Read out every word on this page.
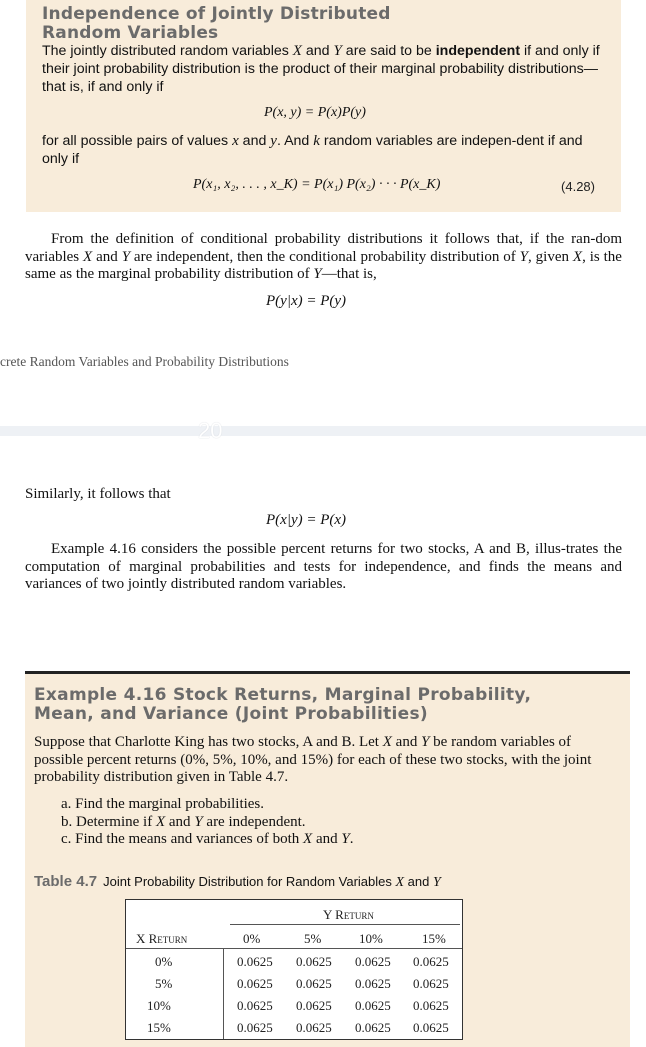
Independence of Jointly Distributed
Random Variables
The jointly distributed random variables X and Y are said to be independent if and only if their joint probability distribution is the product of their marginal probability distributions—that is, if and only if
P(x, y) = P(x)P(y)
for all possible pairs of values x and y. And k random variables are indepen-dent if and only if
P(x₁, x₂, . . . , x_K) = P(x₁) P(x₂) · · · P(x_K)	(4.28)
From the definition of conditional probability distributions it follows that, if the ran-dom variables X and Y are independent, then the conditional probability distribution of Y, given X, is the same as the marginal probability distribution of Y—that is,
P(y|x) = P(y)
crete Random Variables and Probability Distributions
20
Similarly, it follows that
P(x|y) = P(x)
Example 4.16 considers the possible percent returns for two stocks, A and B, illus-trates the computation of marginal probabilities and tests for independence, and finds the means and variances of two jointly distributed random variables.
Example 4.16 Stock Returns, Marginal Probability,
Mean, and Variance (Joint Probabilities)
Suppose that Charlotte King has two stocks, A and B. Let X and Y be random variables of possible percent returns (0%, 5%, 10%, and 15%) for each of these two stocks, with the joint probability distribution given in Table 4.7.
a. Find the marginal probabilities.
b. Determine if X and Y are independent.
c. Find the means and variances of both X and Y.
Table 4.7 Joint Probability Distribution for Random Variables X and Y
Y Return
X Return	0%	5%	10%	15%
0%	0.0625 0.0625 0.0625 0.0625
5%	0.0625 0.0625 0.0625 0.0625
10%	0.0625 0.0625 0.0625 0.0625
15%	0.0625 0.0625 0.0625 0.0625
